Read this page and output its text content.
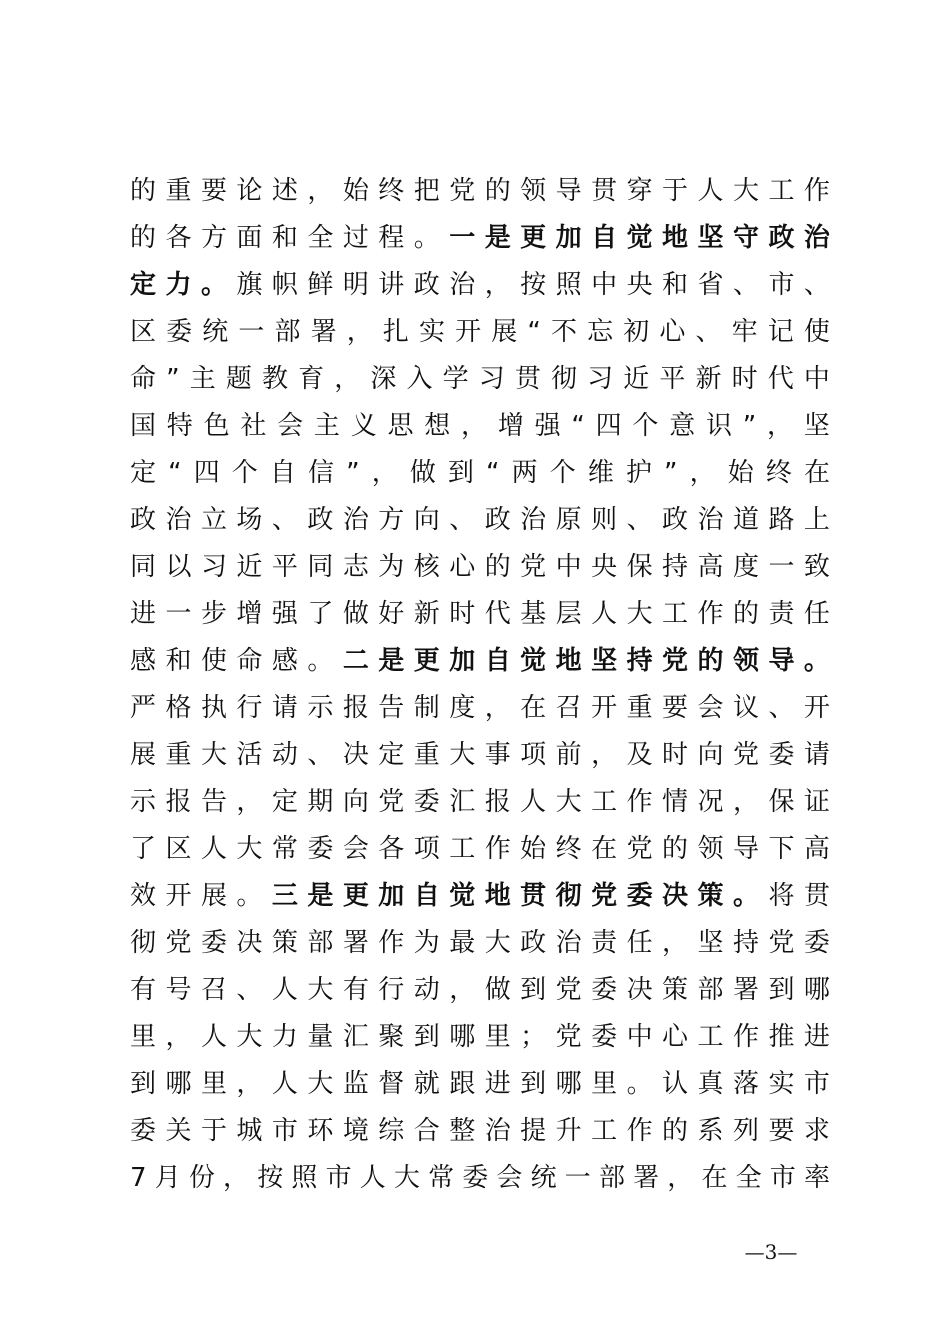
的 重 要 论 述 ， 始 终 把 党 的 领 导 贯 穿 于 人 大 工 作
的 各 方 面 和 全 过 程 。 一 是 更 加 自 觉 地 坚 守 政 治
定 力 。 旗 帜 鲜 明 讲 政 治 ， 按 照 中 央 和 省 、 市 、
区 委 统 一 部 署 ， 扎 实 开 展 “ 不 忘 初 心 、 牢 记 使
命 ” 主 题 教 育 ， 深 入 学 习 贯 彻 习 近 平 新 时 代 中
国 特 色 社 会 主 义 思 想 ， 增 强 “ 四 个 意 识 ” ， 坚
定 “ 四 个 自 信 ” ， 做 到 “ 两 个 维 护 ” ， 始 终 在
政 治 立 场 、 政 治 方 向 、 政 治 原 则 、 政 治 道 路 上
同 以 习 近 平 同 志 为 核 心 的 党 中 央 保 持 高 度 一 致
进 一 步 增 强 了 做 好 新 时 代 基 层 人 大 工 作 的 责 任
感 和 使 命 感 。 二 是 更 加 自 觉 地 坚 持 党 的 领 导 。
严 格 执 行 请 示 报 告 制 度 ， 在 召 开 重 要 会 议 、 开
展 重 大 活 动 、 决 定 重 大 事 项 前 ， 及 时 向 党 委 请
示 报 告 ， 定 期 向 党 委 汇 报 人 大 工 作 情 况 ， 保 证
了 区 人 大 常 委 会 各 项 工 作 始 终 在 党 的 领 导 下 高
效 开 展 。 三 是 更 加 自 觉 地 贯 彻 党 委 决 策 。 将 贯
彻 党 委 决 策 部 署 作 为 最 大 政 治 责 任 ， 坚 持 党 委
有 号 召 、 人 大 有 行 动 ， 做 到 党 委 决 策 部 署 到 哪
里 ， 人 大 力 量 汇 聚 到 哪 里 ； 党 委 中 心 工 作 推 进
到 哪 里 ， 人 大 监 督 就 跟 进 到 哪 里 。 认 真 落 实 市
委 关 于 城 市 环 境 综 合 整 治 提 升 工 作 的 系 列 要 求
7 月 份 ， 按 照 市 人 大 常 委 会 统 一 部 署 ， 在 全 市 率
—3—
